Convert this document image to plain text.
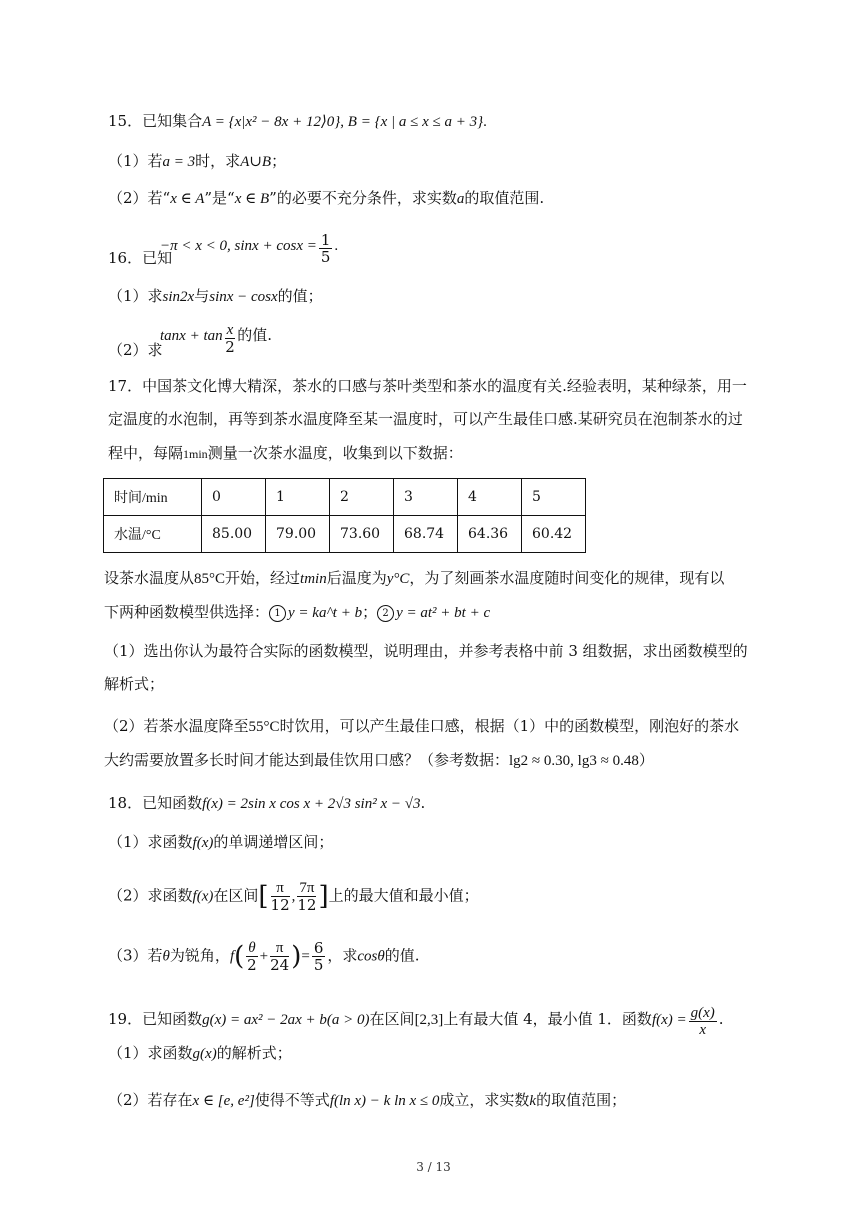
15．已知集合A = {x|x² − 8x + 12⟩0}, B = {x | a ≤ x ≤ a + 3}.
（1）若a = 3时，求A∪B；
（2）若“x ∈ A”是“x ∈ B”的必要不充分条件，求实数a的取值范围.
−π < x < 0, $\sin x + \cos x = \frac{1}{5}$ .
16．已知
（1）求sin2x与sinx − cosx的值；
$\tan x + \tan \frac{x}{2}$ 的值.
（2）求
17．中国茶文化博大精深，茶水的口感与茶叶类型和茶水的温度有关.经验表明，某种绿茶，用一
定温度的水泡制，再等到茶水温度降至某一温度时，可以产生最佳口感.某研究员在泡制茶水的过
程中，每隔1min测量一次茶水温度，收集到以下数据：
时间/min	0	1	2	3	4	5
水温/°C	85.00	79.00	73.60	68.74	64.36	60.42
设茶水温度从85°C开始，经过tmin后温度为y°C，为了刻画茶水温度随时间变化的规律，现有以
下两种函数模型供选择： 1 y = ka^t + b； 2 y = at² + bt + c
（1）选出你认为最符合实际的函数模型，说明理由，并参考表格中前 3 组数据，求出函数模型的
解析式；
（2）若茶水温度降至55°C时饮用，可以产生最佳口感，根据（1）中的函数模型，刚泡好的茶水
大约需要放置多长时间才能达到最佳饮用口感？（参考数据：lg2 ≈ 0.30, lg3 ≈ 0.48）
18．已知函数f(x) = 2sin x cos x + 2√3 sin² x − √3.
（1）求函数f(x)的单调递增区间；
（2）求函数f(x)在区间[ $\frac{\pi}{12}$ , $\frac{7\pi}{12}$ ]上的最大值和最小值；
（3）若θ为锐角，$f( \frac{\theta}{2} + \frac{\pi}{24}$ )= $\frac{6}{5}$ ，求cosθ的值.
19．已知函数g(x) = ax² − 2ax + b(a > 0)在区间[2,3]上有最大值 4，最小值 1．函数$f(x) = \frac{g(x)}{x}$ .
（1）求函数g(x)的解析式；
（2）若存在x ∈ [e, e²]使得不等式f(ln x) − k ln x ≤ 0成立，求实数k的取值范围；
3 / 13
